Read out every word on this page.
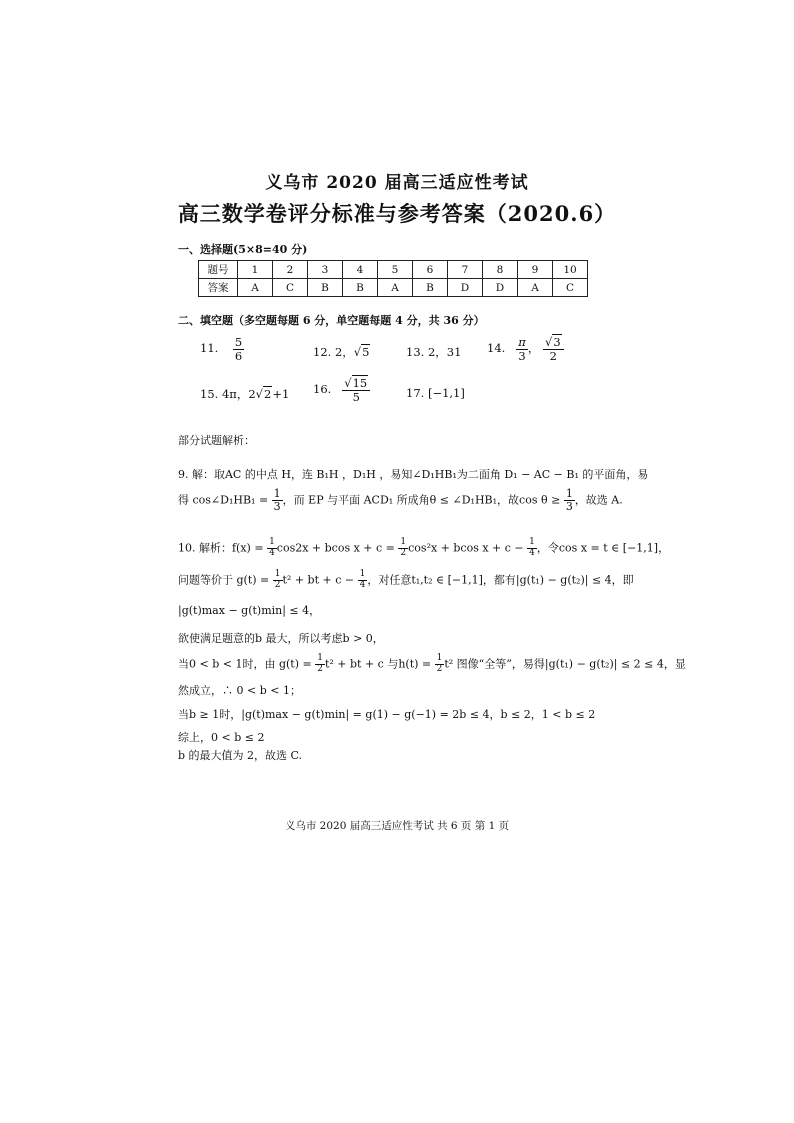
义乌市 2020 届高三适应性考试
高三数学卷评分标准与参考答案（2020.6）
一、选择题(5×8=40 分)
题号	1	2	3	4	5	6	7	8	9	10
答案	A	C	B	B	A	B	D	D	A	C
二、填空题（多空题每题 6 分，单空题每题 4 分，共 36 分）
11. $\frac{5}{6}$	12. 2，√5	13. 2，31 14. $\frac{\pi}{3}$ ， $\frac{√3}{2}$
15. 4π，2√2+1 16. $\frac{√15}{5}$	17. [−1,1]
部分试题解析：
9. 解：取AC 的中点 H，连 B₁H ，D₁H ，易知∠D₁HB₁为二面角 D₁ − AC − B₁ 的平面角，易
得 cos∠D₁HB₁ = $\frac{1}{3}$ ，而 EP 与平面 ACD₁ 所成角θ ≤ ∠D₁HB₁，故$\cos \theta \ge \frac{1}{3}$ ，故选 A.
10. 解析：$f(x) = \frac{1}{4} \cos 2x + bcos$ $x + c = \frac{1}{2} \cos^2x + bcos$ $x + c - \frac{1}{4}$ ，令cos x = t ∈ [−1,1]，
问题等价于 $g(t) = \frac{1}{2} t^2$ + bt + $c - \frac{1}{4}$ ，对任意t₁,t₂ ∈ [−1,1]，都有|g(t₁) − g(t₂)| ≤ 4，即
|g(t)max − g(t)min| ≤ 4，
欲使满足题意的b 最大，所以考虑b > 0，
当0 < b < 1时，由 $g(t) = \frac{1}{2} t^2$ + bt + c 与$h(t) = \frac{1}{2} t^2$ 图像“全等”，易得|g(t₁) − g(t₂)| ≤ 2 ≤ 4，显
然成立，∴ 0 < b < 1；
当b ≥ 1时，|g(t)max − g(t)min| = g(1) − g(−1) = 2b ≤ 4，b ≤ 2，1 < b ≤ 2
综上，0 < b ≤ 2
b 的最大值为 2，故选 C.
义乌市 2020 届高三适应性考试 共 6 页 第 1 页
